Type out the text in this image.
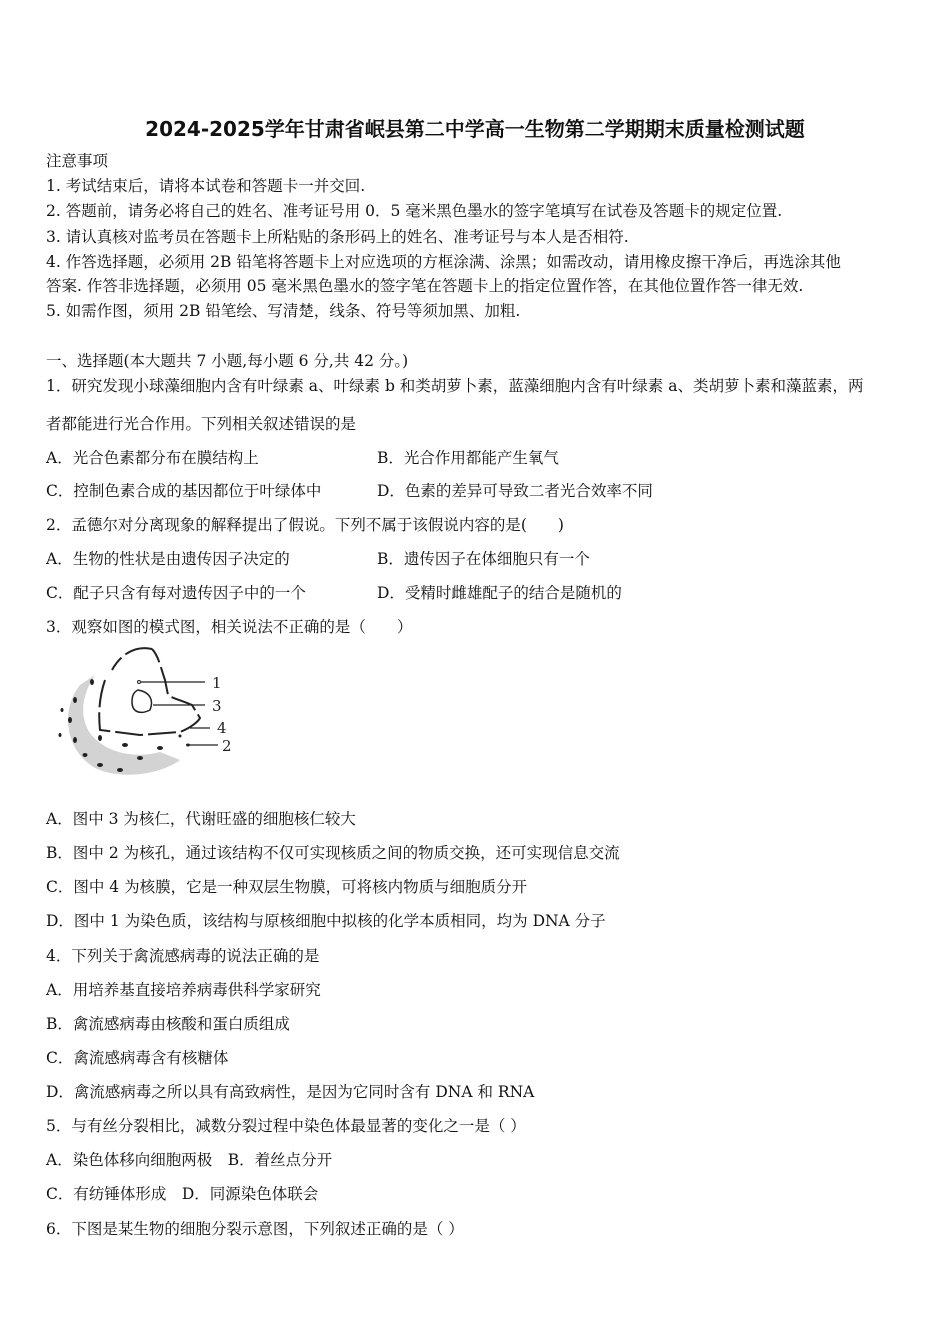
2024-2025学年甘肃省岷县第二中学高一生物第二学期期末质量检测试题
注意事项
1. 考试结束后，请将本试卷和答题卡一并交回.
2. 答题前，请务必将自己的姓名、准考证号用 0．5 毫米黑色墨水的签字笔填写在试卷及答题卡的规定位置.
3. 请认真核对监考员在答题卡上所粘贴的条形码上的姓名、准考证号与本人是否相符.
4. 作答选择题，必须用 2B 铅笔将答题卡上对应选项的方框涂满、涂黑；如需改动，请用橡皮擦干净后，再选涂其他
答案. 作答非选择题，必须用 05 毫米黑色墨水的签字笔在答题卡上的指定位置作答，在其他位置作答一律无效.
5. 如需作图，须用 2B 铅笔绘、写清楚，线条、符号等须加黑、加粗.
一、选择题(本大题共 7 小题,每小题 6 分,共 42 分。)
1．研究发现小球藻细胞内含有叶绿素 a、叶绿素 b 和类胡萝卜素，蓝藻细胞内含有叶绿素 a、类胡萝卜素和藻蓝素，两
者都能进行光合作用。下列相关叙述错误的是
A．光合色素都分布在膜结构上	B．光合作用都能产生氧气
C．控制色素合成的基因都位于叶绿体中	D．色素的差异可导致二者光合效率不同
2．孟德尔对分离现象的解释提出了假说。下列不属于该假说内容的是(　　)
A．生物的性状是由遗传因子决定的	B．遗传因子在体细胞只有一个
C．配子只含有每对遗传因子中的一个	D．受精时雌雄配子的结合是随机的
3．观察如图的模式图，相关说法不正确的是（　　）
1
3
4
2
A．图中 3 为核仁，代谢旺盛的细胞核仁较大
B．图中 2 为核孔，通过该结构不仅可实现核质之间的物质交换，还可实现信息交流
C．图中 4 为核膜，它是一种双层生物膜，可将核内物质与细胞质分开
D．图中 1 为染色质，该结构与原核细胞中拟核的化学本质相同，均为 DNA 分子
4．下列关于禽流感病毒的说法正确的是
A．用培养基直接培养病毒供科学家研究
B．禽流感病毒由核酸和蛋白质组成
C．禽流感病毒含有核糖体
D．禽流感病毒之所以具有高致病性，是因为它同时含有 DNA 和 RNA
5．与有丝分裂相比，减数分裂过程中染色体最显著的变化之一是（ ）
A．染色体移向细胞两极　B．着丝点分开
C．有纺锤体形成　D．同源染色体联会
6．下图是某生物的细胞分裂示意图，下列叙述正确的是（ ）
